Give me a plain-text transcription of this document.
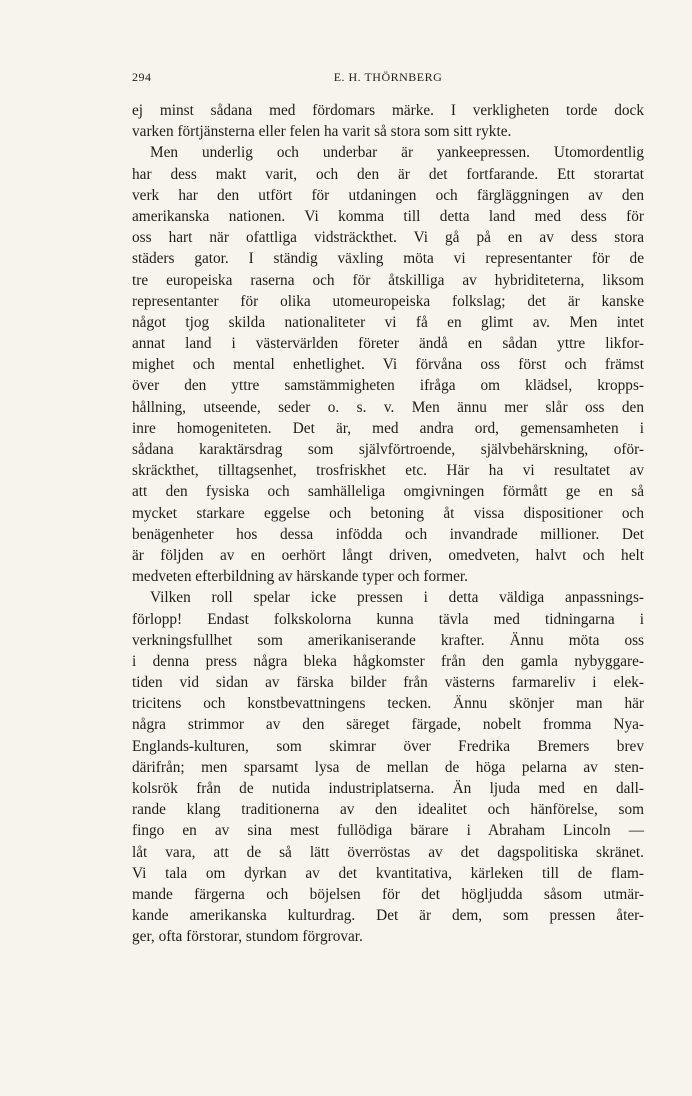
294	E. H. THÖRNBERG
ej minst sådana med fördomars märke. I verkligheten torde dock
varken förtjänsterna eller felen ha varit så stora som sitt rykte.
Men underlig och underbar är yankeepressen. Utomordentlig
har dess makt varit, och den är det fortfarande. Ett storartat
verk har den utfört för utdaningen och färgläggningen av den
amerikanska nationen. Vi komma till detta land med dess för
oss hart när ofattliga vidsträckthet. Vi gå på en av dess stora
städers gator. I ständig växling möta vi representanter för de
tre europeiska raserna och för åtskilliga av hybriditeterna, liksom
representanter för olika utomeuropeiska folkslag; det är kanske
något tjog skilda nationaliteter vi få en glimt av. Men intet
annat land i västervärlden företer ändå en sådan yttre likfor-
mighet och mental enhetlighet. Vi förvåna oss först och främst
över den yttre samstämmigheten ifråga om klädsel, kropps-
hållning, utseende, seder o. s. v. Men ännu mer slår oss den
inre homogeniteten. Det är, med andra ord, gemensamheten i
sådana karaktärsdrag som självförtroende, självbehärskning, oför-
skräckthet, tilltagsenhet, trosfriskhet etc. Här ha vi resultatet av
att den fysiska och samhälleliga omgivningen förmått ge en så
mycket starkare eggelse och betoning åt vissa dispositioner och
benägenheter hos dessa infödda och invandrade millioner. Det
är följden av en oerhört långt driven, omedveten, halvt och helt
medveten efterbildning av härskande typer och former.
Vilken roll spelar icke pressen i detta väldiga anpassnings-
förlopp! Endast folkskolorna kunna tävla med tidningarna i
verkningsfullhet som amerikaniserande krafter. Ännu möta oss
i denna press några bleka hågkomster från den gamla nybyggare-
tiden vid sidan av färska bilder från västerns farmareliv i elek-
tricitens och konstbevattningens tecken. Ännu skönjer man här
några strimmor av den säreget färgade, nobelt fromma Nya-
Englands-kulturen, som skimrar över Fredrika Bremers brev
därifrån; men sparsamt lysa de mellan de höga pelarna av sten-
kolsrök från de nutida industriplatserna. Än ljuda med en dall-
rande klang traditionerna av den idealitet och hänförelse, som
fingo en av sina mest fullödiga bärare i Abraham Lincoln —
låt vara, att de så lätt överröstas av det dagspolitiska skränet.
Vi tala om dyrkan av det kvantitativa, kärleken till de flam-
mande färgerna och böjelsen för det högljudda såsom utmär-
kande amerikanska kulturdrag. Det är dem, som pressen åter-
ger, ofta förstorar, stundom förgrovar.
